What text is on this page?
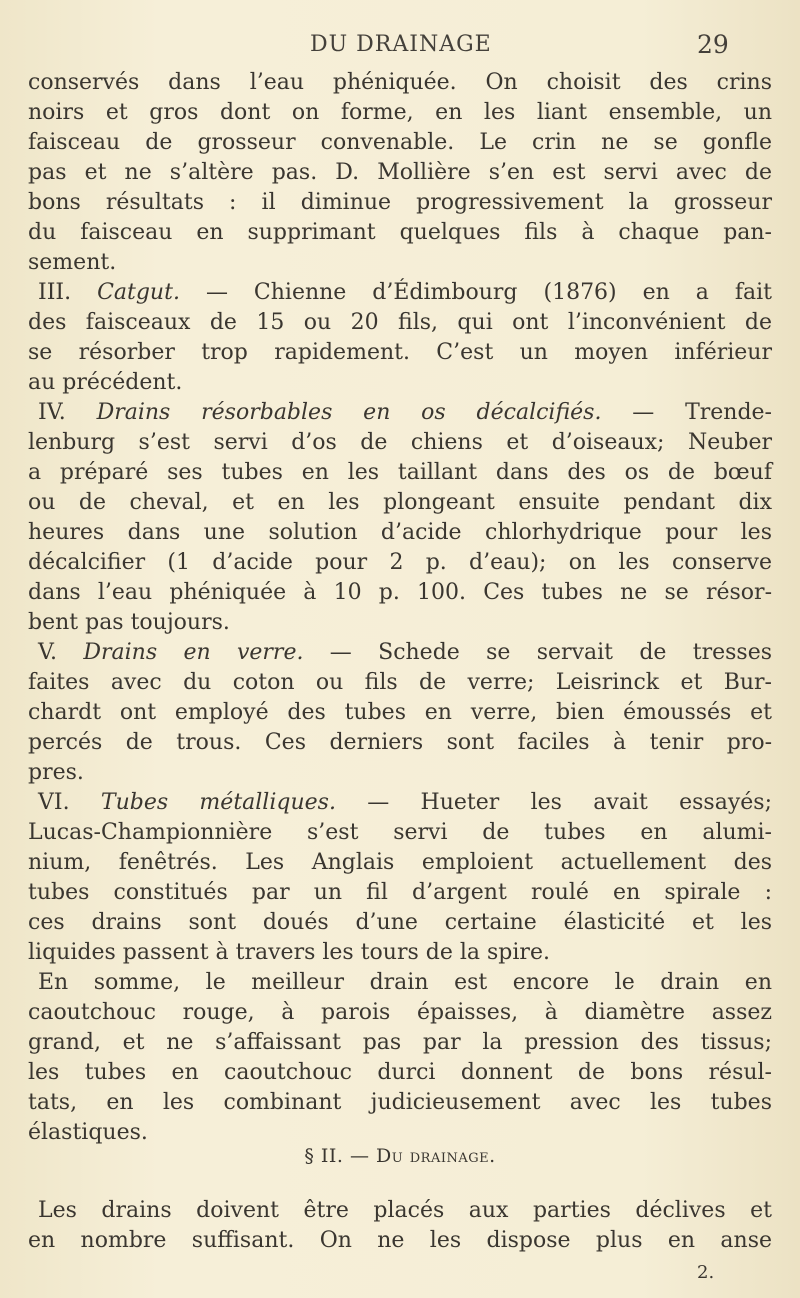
DU DRAINAGE	29
conservés dans l’eau phéniquée. On choisit des crins
noirs et gros dont on forme, en les liant ensemble, un
faisceau de grosseur convenable. Le crin ne se gonfle
pas et ne s’altère pas. D. Mollière s’en est servi avec de
bons résultats : il diminue progressivement la grosseur
du faisceau en supprimant quelques fils à chaque pan-
sement.
III. Catgut. — Chienne d’Édimbourg (1876) en a fait
des faisceaux de 15 ou 20 fils, qui ont l’inconvénient de
se résorber trop rapidement. C’est un moyen inférieur
au précédent.
IV. Drains résorbables en os décalcifiés. — Trende-
lenburg s’est servi d’os de chiens et d’oiseaux; Neuber
a préparé ses tubes en les taillant dans des os de bœuf
ou de cheval, et en les plongeant ensuite pendant dix
heures dans une solution d’acide chlorhydrique pour les
décalcifier (1 d’acide pour 2 p. d’eau); on les conserve
dans l’eau phéniquée à 10 p. 100. Ces tubes ne se résor-
bent pas toujours.
V. Drains en verre. — Schede se servait de tresses
faites avec du coton ou fils de verre; Leisrinck et Bur-
chardt ont employé des tubes en verre, bien émoussés et
percés de trous. Ces derniers sont faciles à tenir pro-
pres.
VI. Tubes métalliques. — Hueter les avait essayés;
Lucas-Championnière s’est servi de tubes en alumi-
nium, fenêtrés. Les Anglais emploient actuellement des
tubes constitués par un fil d’argent roulé en spirale :
ces drains sont doués d’une certaine élasticité et les
liquides passent à travers les tours de la spire.
En somme, le meilleur drain est encore le drain en
caoutchouc rouge, à parois épaisses, à diamètre assez
grand, et ne s’affaissant pas par la pression des tissus;
les tubes en caoutchouc durci donnent de bons résul-
tats, en les combinant judicieusement avec les tubes
élastiques.
§ II. — Du drainage.
Les drains doivent être placés aux parties déclives et
en nombre suffisant. On ne les dispose plus en anse
2.
